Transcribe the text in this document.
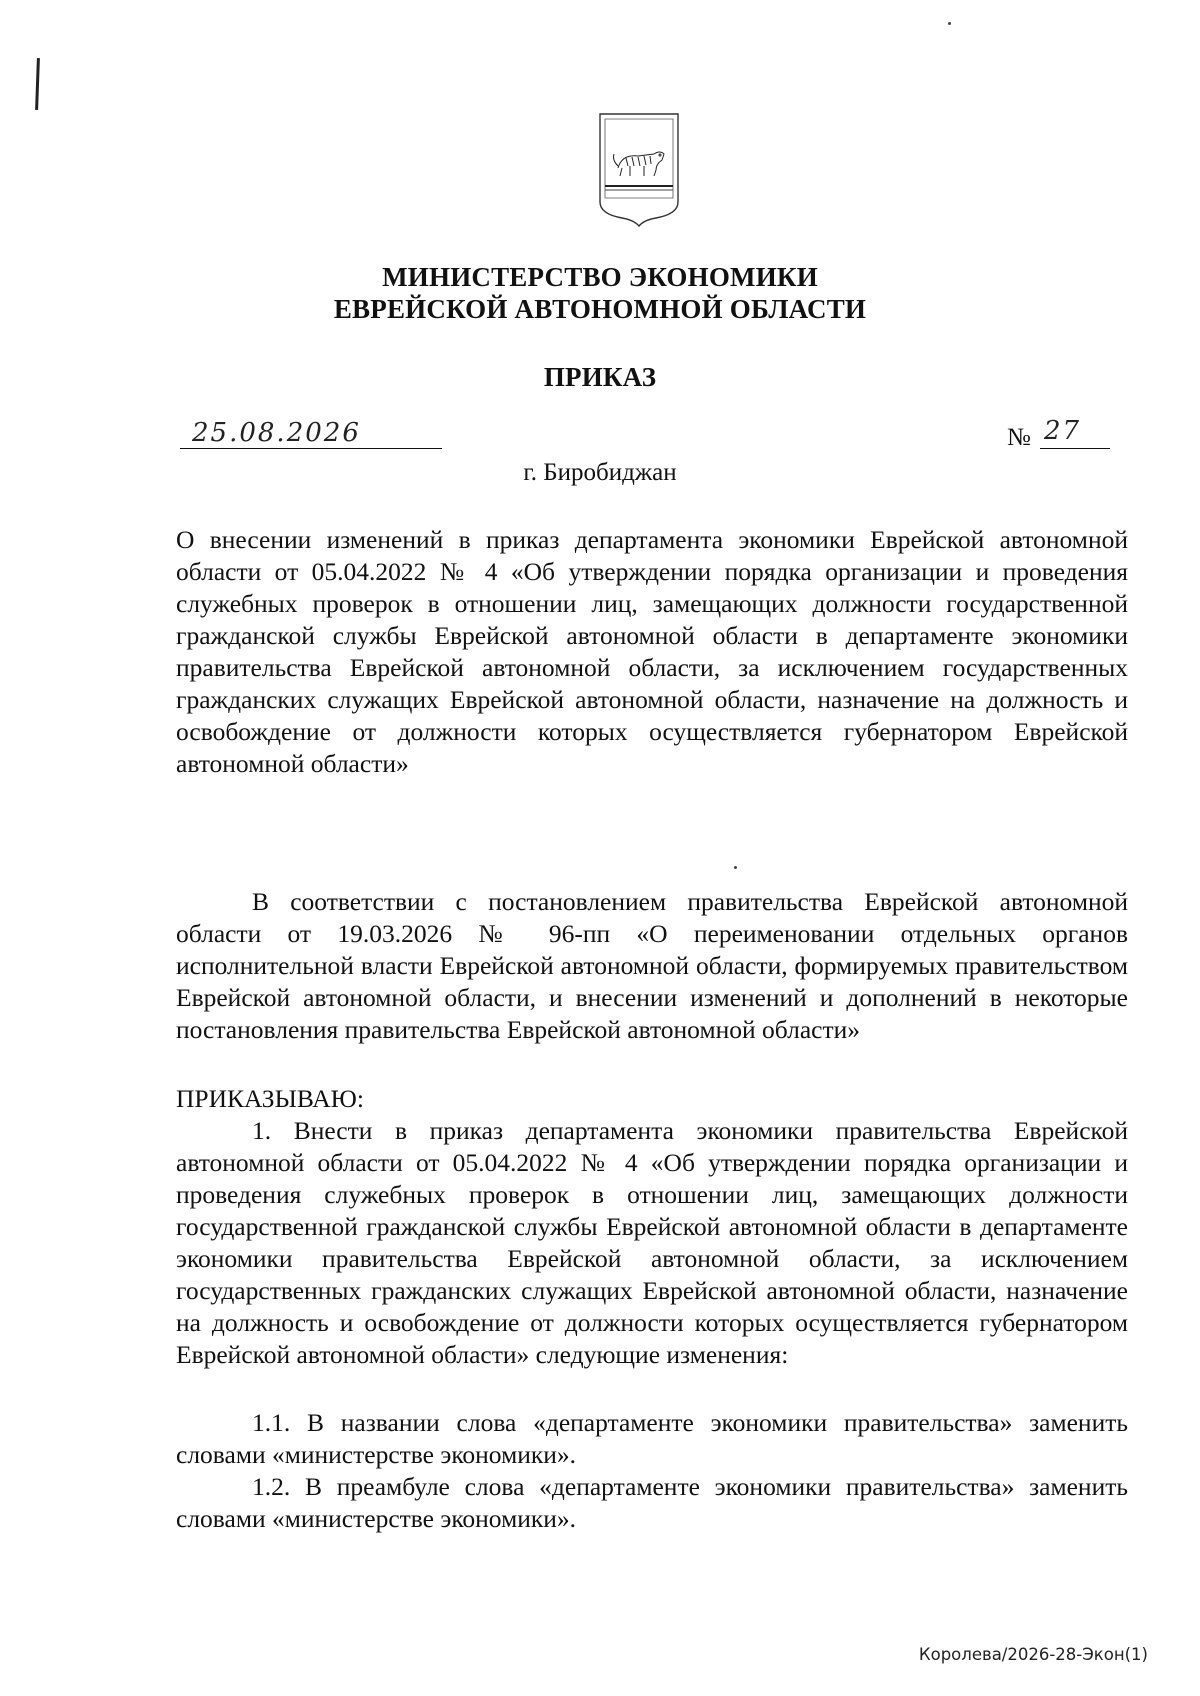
МИНИСТЕРСТВО ЭКОНОМИКИ
ЕВРЕЙСКОЙ АВТОНОМНОЙ ОБЛАСТИ
ПРИКАЗ
25.08.2026	№ 27
г. Биробиджан
О внесении изменений в приказ департамента экономики Еврейской автономной области от 05.04.2022 № 4 «Об утверждении порядка организации и проведения служебных проверок в отношении лиц, замещающих должности государственной гражданской службы Еврейской автономной области в департаменте экономики правительства Еврейской автономной области, за исключением государственных гражданских служащих Еврейской автономной области, назначение на должность и освобождение от должности которых осуществляется губернатором Еврейской автономной области»
В соответствии с постановлением правительства Еврейской автономной области от 19.03.2026 № 96-пп «О переименовании отдельных органов исполнительной власти Еврейской автономной области, формируемых правительством Еврейской автономной области, и внесении изменений и дополнений в некоторые постановления правительства Еврейской автономной области»
ПРИКАЗЫВАЮ:
1. Внести в приказ департамента экономики правительства Еврейской автономной области от 05.04.2022 № 4 «Об утверждении порядка организации и проведения служебных проверок в отношении лиц, замещающих должности государственной гражданской службы Еврейской автономной области в департаменте экономики правительства Еврейской автономной области, за исключением государственных гражданских служащих Еврейской автономной области, назначение на должность и освобождение от должности которых осуществляется губернатором Еврейской автономной области» следующие изменения:
1.1. В названии слова «департаменте экономики правительства» заменить словами «министерстве экономики».
1.2. В преамбуле слова «департаменте экономики правительства» заменить словами «министерстве экономики».
Королева/2026-28-Экон(1)
